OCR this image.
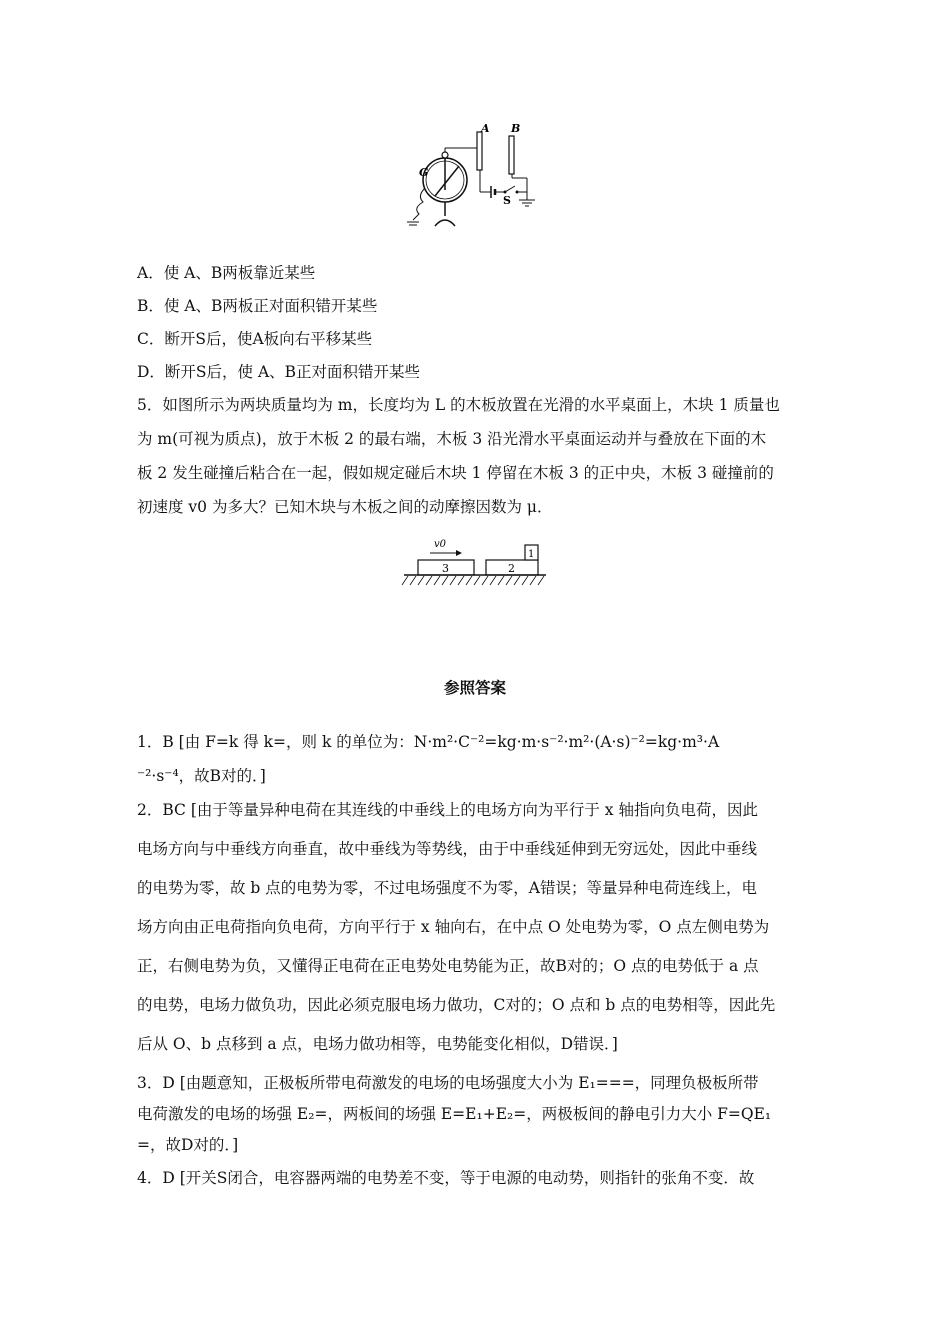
A B
G
S
A．使 A、B两板靠近某些
B．使 A、B两板正对面积错开某些
C．断开S后，使A板向右平移某些
D．断开S后，使 A、B正对面积错开某些
5．如图所示为两块质量均为 m，长度均为 L 的木板放置在光滑的水平桌面上，木块 1 质量也
为 m(可视为质点)，放于木板 2 的最右端，木板 3 沿光滑水平桌面运动并与叠放在下面的木
板 2 发生碰撞后粘合在一起，假如规定碰后木块 1 停留在木板 3 的正中央，木板 3 碰撞前的
初速度 v0 为多大？已知木块与木板之间的动摩擦因数为 μ．
v0
3	2
1
参照答案
1．B [由 F=k 得 k=，则 k 的单位为：N·m²·C⁻²=kg·m·s⁻²·m²·(A·s)⁻²=kg·m³·A
⁻²·s⁻⁴，故B对的．]
2．BC [由于等量异种电荷在其连线的中垂线上的电场方向为平行于 x 轴指向负电荷，因此
电场方向与中垂线方向垂直，故中垂线为等势线，由于中垂线延伸到无穷远处，因此中垂线
的电势为零，故 b 点的电势为零，不过电场强度不为零，A错误；等量异种电荷连线上，电
场方向由正电荷指向负电荷，方向平行于 x 轴向右，在中点 O 处电势为零，O 点左侧电势为
正，右侧电势为负，又懂得正电荷在正电势处电势能为正，故B对的；O 点的电势低于 a 点
的电势，电场力做负功，因此必须克服电场力做功，C对的；O 点和 b 点的电势相等，因此先
后从 O、b 点移到 a 点，电场力做功相等，电势能变化相似，D错误．]
3．D [由题意知，正极板所带电荷激发的电场的电场强度大小为 E₁===，同理负极板所带
电荷激发的电场的场强 E₂=，两板间的场强 E=E₁+E₂=，两极板间的静电引力大小 F=QE₁
=，故D对的．]
4．D [开关S闭合，电容器两端的电势差不变，等于电源的电动势，则指针的张角不变．故
